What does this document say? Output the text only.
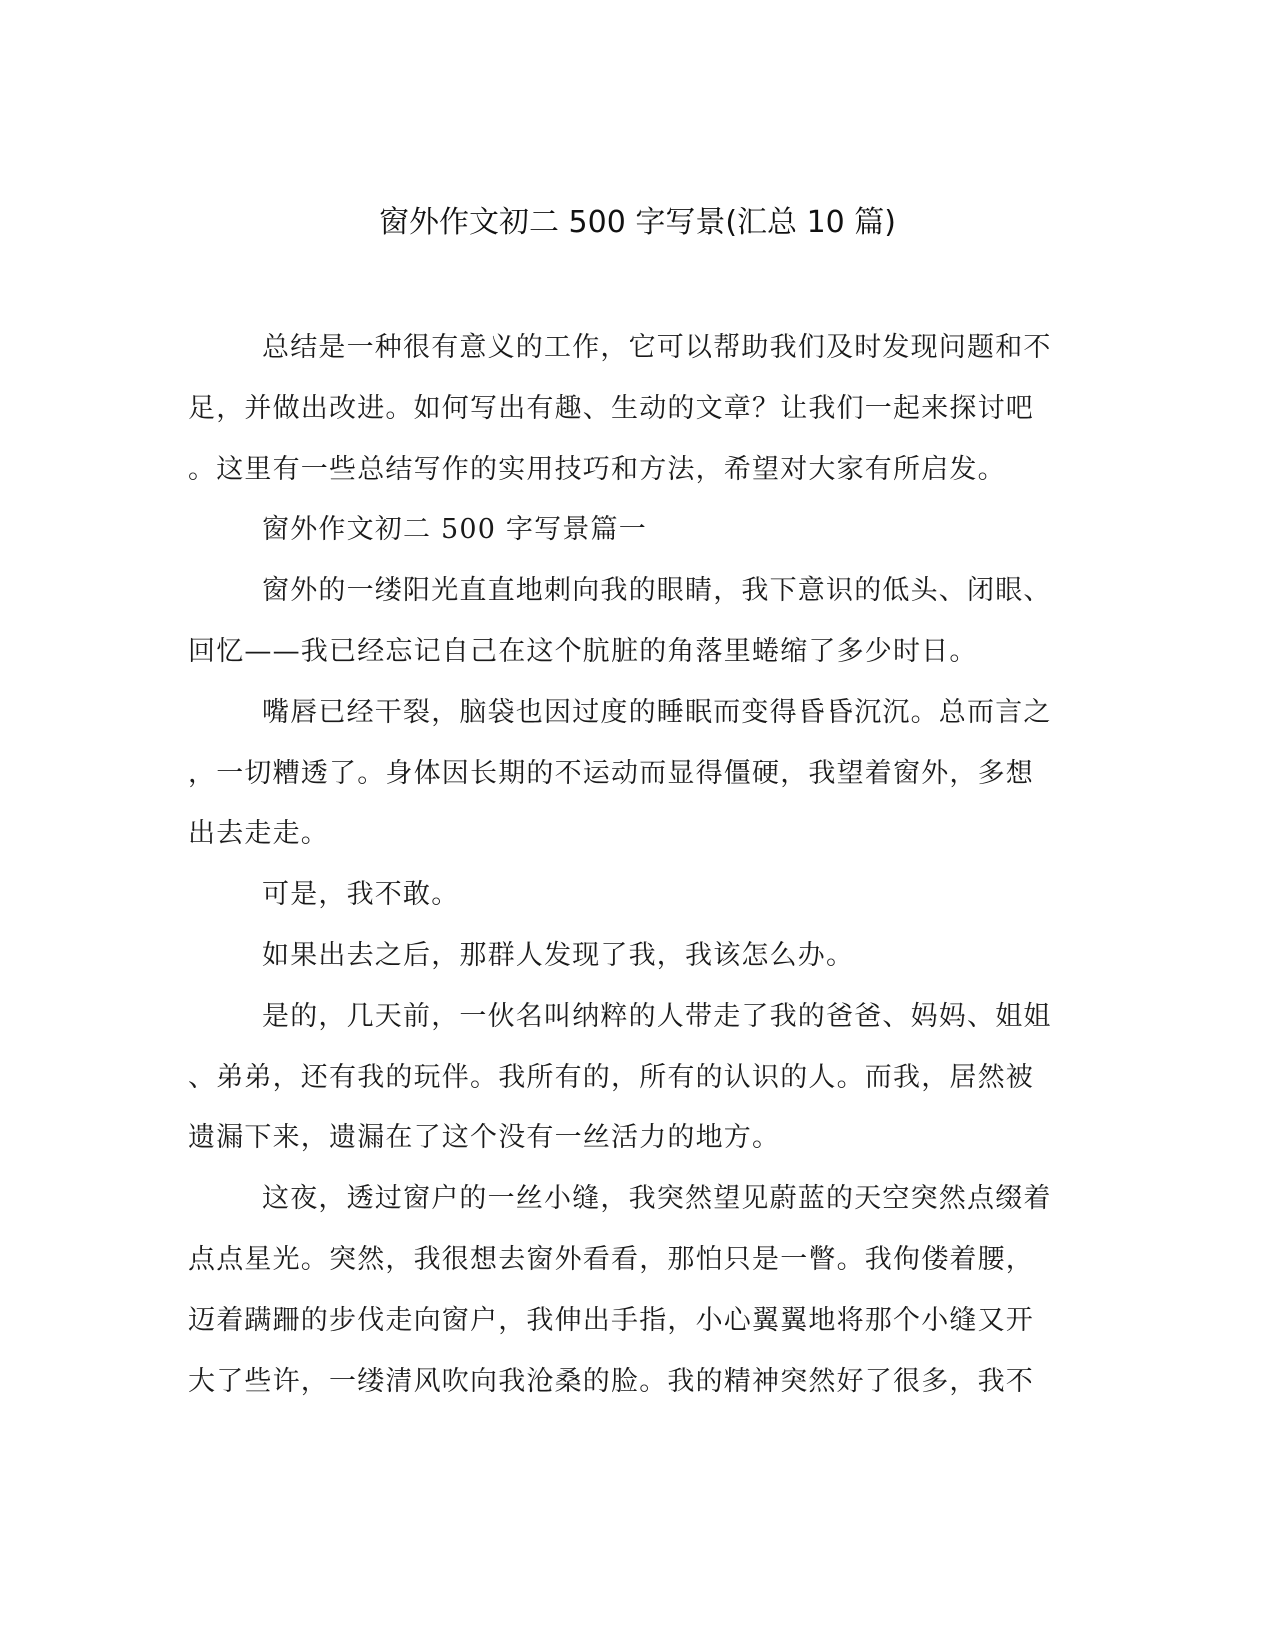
窗外作文初二 500 字写景(汇总 10 篇)
总结是一种很有意义的工作，它可以帮助我们及时发现问题和不
足，并做出改进。如何写出有趣、生动的文章？让我们一起来探讨吧
。这里有一些总结写作的实用技巧和方法，希望对大家有所启发。
窗外作文初二 500 字写景篇一
窗外的一缕阳光直直地刺向我的眼睛，我下意识的低头、闭眼、
回忆——我已经忘记自己在这个肮脏的角落里蜷缩了多少时日。
嘴唇已经干裂，脑袋也因过度的睡眠而变得昏昏沉沉。总而言之
，一切糟透了。身体因长期的不运动而显得僵硬，我望着窗外，多想
出去走走。
可是，我不敢。
如果出去之后，那群人发现了我，我该怎么办。
是的，几天前，一伙名叫纳粹的人带走了我的爸爸、妈妈、姐姐
、弟弟，还有我的玩伴。我所有的，所有的认识的人。而我，居然被
遗漏下来，遗漏在了这个没有一丝活力的地方。
这夜，透过窗户的一丝小缝，我突然望见蔚蓝的天空突然点缀着
点点星光。突然，我很想去窗外看看，那怕只是一瞥。我佝偻着腰，
迈着蹒跚的步伐走向窗户，我伸出手指，小心翼翼地将那个小缝又开
大了些许，一缕清风吹向我沧桑的脸。我的精神突然好了很多，我不
